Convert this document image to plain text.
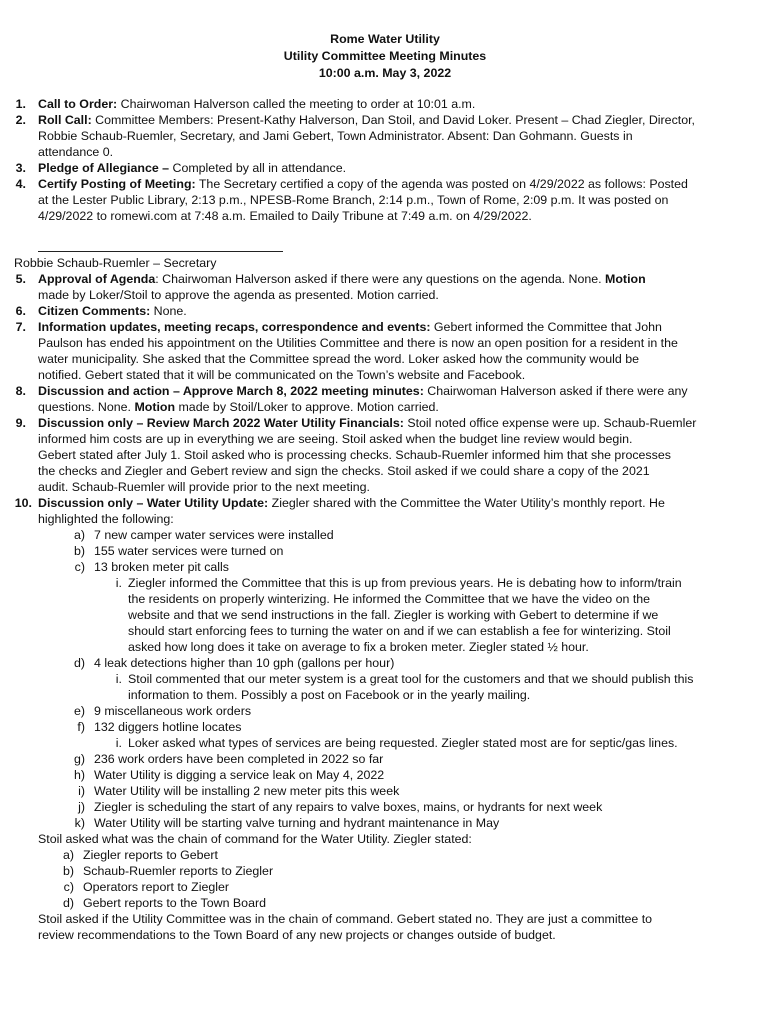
Rome Water Utility
Utility Committee Meeting Minutes
10:00 a.m. May 3, 2022
1. Call to Order: Chairwoman Halverson called the meeting to order at 10:01 a.m.
2. Roll Call: Committee Members: Present-Kathy Halverson, Dan Stoil, and David Loker. Present – Chad Ziegler, Director,
Robbie Schaub-Ruemler, Secretary, and Jami Gebert, Town Administrator. Absent: Dan Gohmann. Guests in
attendance 0.
3. Pledge of Allegiance – Completed by all in attendance.
4. Certify Posting of Meeting: The Secretary certified a copy of the agenda was posted on 4/29/2022 as follows: Posted
at the Lester Public Library, 2:13 p.m., NPESB-Rome Branch, 2:14 p.m., Town of Rome, 2:09 p.m. It was posted on
4/29/2022 to romewi.com at 7:48 a.m. Emailed to Daily Tribune at 7:49 a.m. on 4/29/2022.
Robbie Schaub-Ruemler – Secretary
5. Approval of Agenda: Chairwoman Halverson asked if there were any questions on the agenda. None. Motion
made by Loker/Stoil to approve the agenda as presented. Motion carried.
6. Citizen Comments: None.
7. Information updates, meeting recaps, correspondence and events: Gebert informed the Committee that John
Paulson has ended his appointment on the Utilities Committee and there is now an open position for a resident in the
water municipality. She asked that the Committee spread the word. Loker asked how the community would be
notified. Gebert stated that it will be communicated on the Town’s website and Facebook.
8. Discussion and action – Approve March 8, 2022 meeting minutes: Chairwoman Halverson asked if there were any
questions. None. Motion made by Stoil/Loker to approve. Motion carried.
9. Discussion only – Review March 2022 Water Utility Financials: Stoil noted office expense were up. Schaub-Ruemler
informed him costs are up in everything we are seeing. Stoil asked when the budget line review would begin.
Gebert stated after July 1. Stoil asked who is processing checks. Schaub-Ruemler informed him that she processes
the checks and Ziegler and Gebert review and sign the checks. Stoil asked if we could share a copy of the 2021
audit. Schaub-Ruemler will provide prior to the next meeting.
10. Discussion only – Water Utility Update: Ziegler shared with the Committee the Water Utility’s monthly report. He
highlighted the following:
a) 7 new camper water services were installed
b) 155 water services were turned on
c) 13 broken meter pit calls
i. Ziegler informed the Committee that this is up from previous years. He is debating how to inform/train
the residents on properly winterizing. He informed the Committee that we have the video on the
website and that we send instructions in the fall. Ziegler is working with Gebert to determine if we
should start enforcing fees to turning the water on and if we can establish a fee for winterizing. Stoil
asked how long does it take on average to fix a broken meter. Ziegler stated ½ hour.
d) 4 leak detections higher than 10 gph (gallons per hour)
i. Stoil commented that our meter system is a great tool for the customers and that we should publish this
information to them. Possibly a post on Facebook or in the yearly mailing.
e) 9 miscellaneous work orders
f) 132 diggers hotline locates
i. Loker asked what types of services are being requested. Ziegler stated most are for septic/gas lines.
g) 236 work orders have been completed in 2022 so far
h) Water Utility is digging a service leak on May 4, 2022
i) Water Utility will be installing 2 new meter pits this week
j) Ziegler is scheduling the start of any repairs to valve boxes, mains, or hydrants for next week
k) Water Utility will be starting valve turning and hydrant maintenance in May
Stoil asked what was the chain of command for the Water Utility. Ziegler stated:
a) Ziegler reports to Gebert
b) Schaub-Ruemler reports to Ziegler
c) Operators report to Ziegler
d) Gebert reports to the Town Board
Stoil asked if the Utility Committee was in the chain of command. Gebert stated no. They are just a committee to
review recommendations to the Town Board of any new projects or changes outside of budget.
